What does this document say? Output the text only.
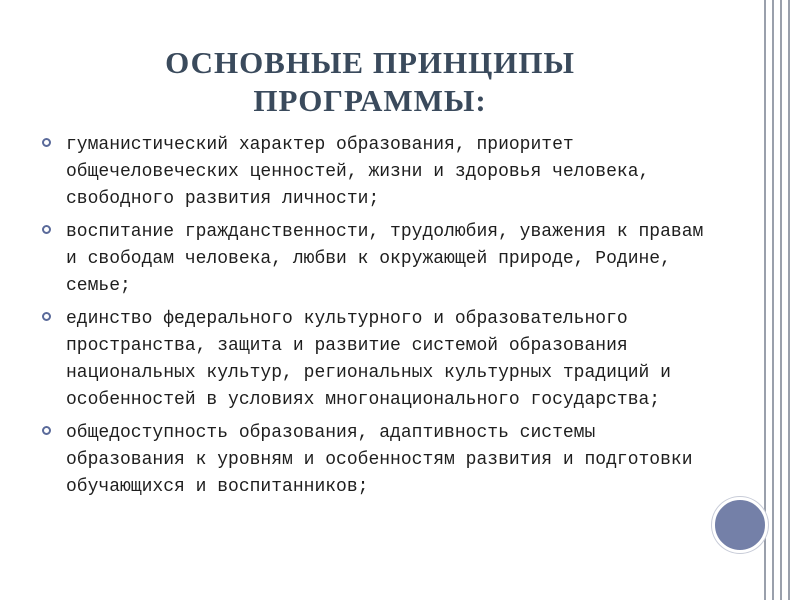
ОСНОВНЫЕ ПРИНЦИПЫ
ПРОГРАММЫ:
гуманистический характер образования, приоритет общечеловеческих ценностей, жизни и здоровья человека, свободного развития личности;
воспитание гражданственности, трудолюбия, уважения к правам и свободам человека, любви к окружающей природе, Родине, семье;
единство федерального культурного и образовательного пространства, защита и развитие системой образования национальных культур, региональных культурных традиций и особенностей в условиях многонационального государства;
общедоступность образования, адаптивность системы образования к уровням и особенностям развития и подготовки обучающихся и воспитанников;
